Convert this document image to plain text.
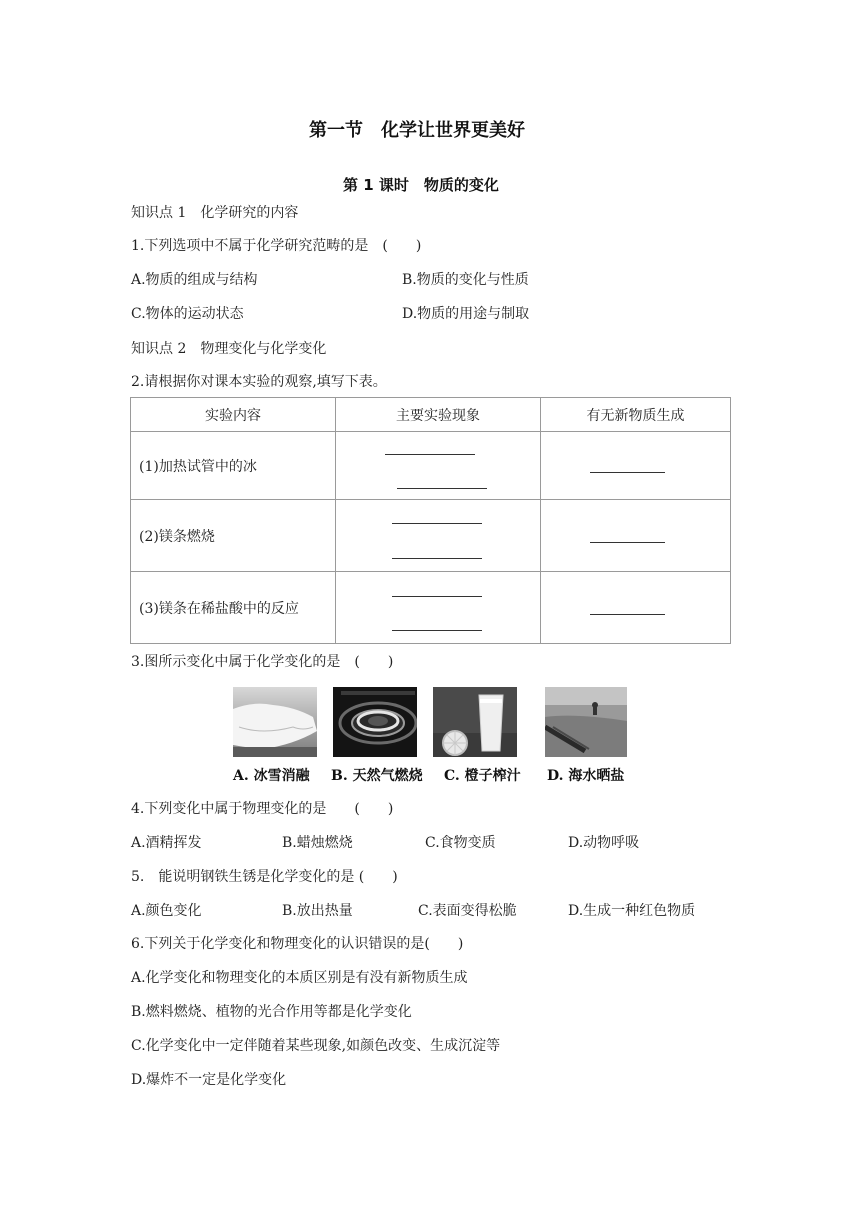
第一节　化学让世界更美好
第 1 课时　物质的变化
知识点 1　化学研究的内容
1.下列选项中不属于化学研究范畴的是　(　　)
A.物质的组成与结构	B.物质的变化与性质
C.物体的运动状态	D.物质的用途与制取
知识点 2　物理变化与化学变化
2.请根据你对课本实验的观察,填写下表。
实验内容	主要实验现象	有无新物质生成
(1)加热试管中的冰	

(2)镁条燃烧	

(3)镁条在稀盐酸中的反应	

3.图所示变化中属于化学变化的是　(　　)
A. 冰雪消融 B. 天然气燃烧 C. 橙子榨汁 D. 海水晒盐
4.下列变化中属于物理变化的是　　(　　)
A.酒精挥发	B.蜡烛燃烧	C.食物变质	D.动物呼吸
5.　能说明钢铁生锈是化学变化的是 (　　)
A.颜色变化	B.放出热量	C.表面变得松脆	D.生成一种红色物质
6.下列关于化学变化和物理变化的认识错误的是(　　)
A.化学变化和物理变化的本质区别是有没有新物质生成
B.燃料燃烧、植物的光合作用等都是化学变化
C.化学变化中一定伴随着某些现象,如颜色改变、生成沉淀等
D.爆炸不一定是化学变化
